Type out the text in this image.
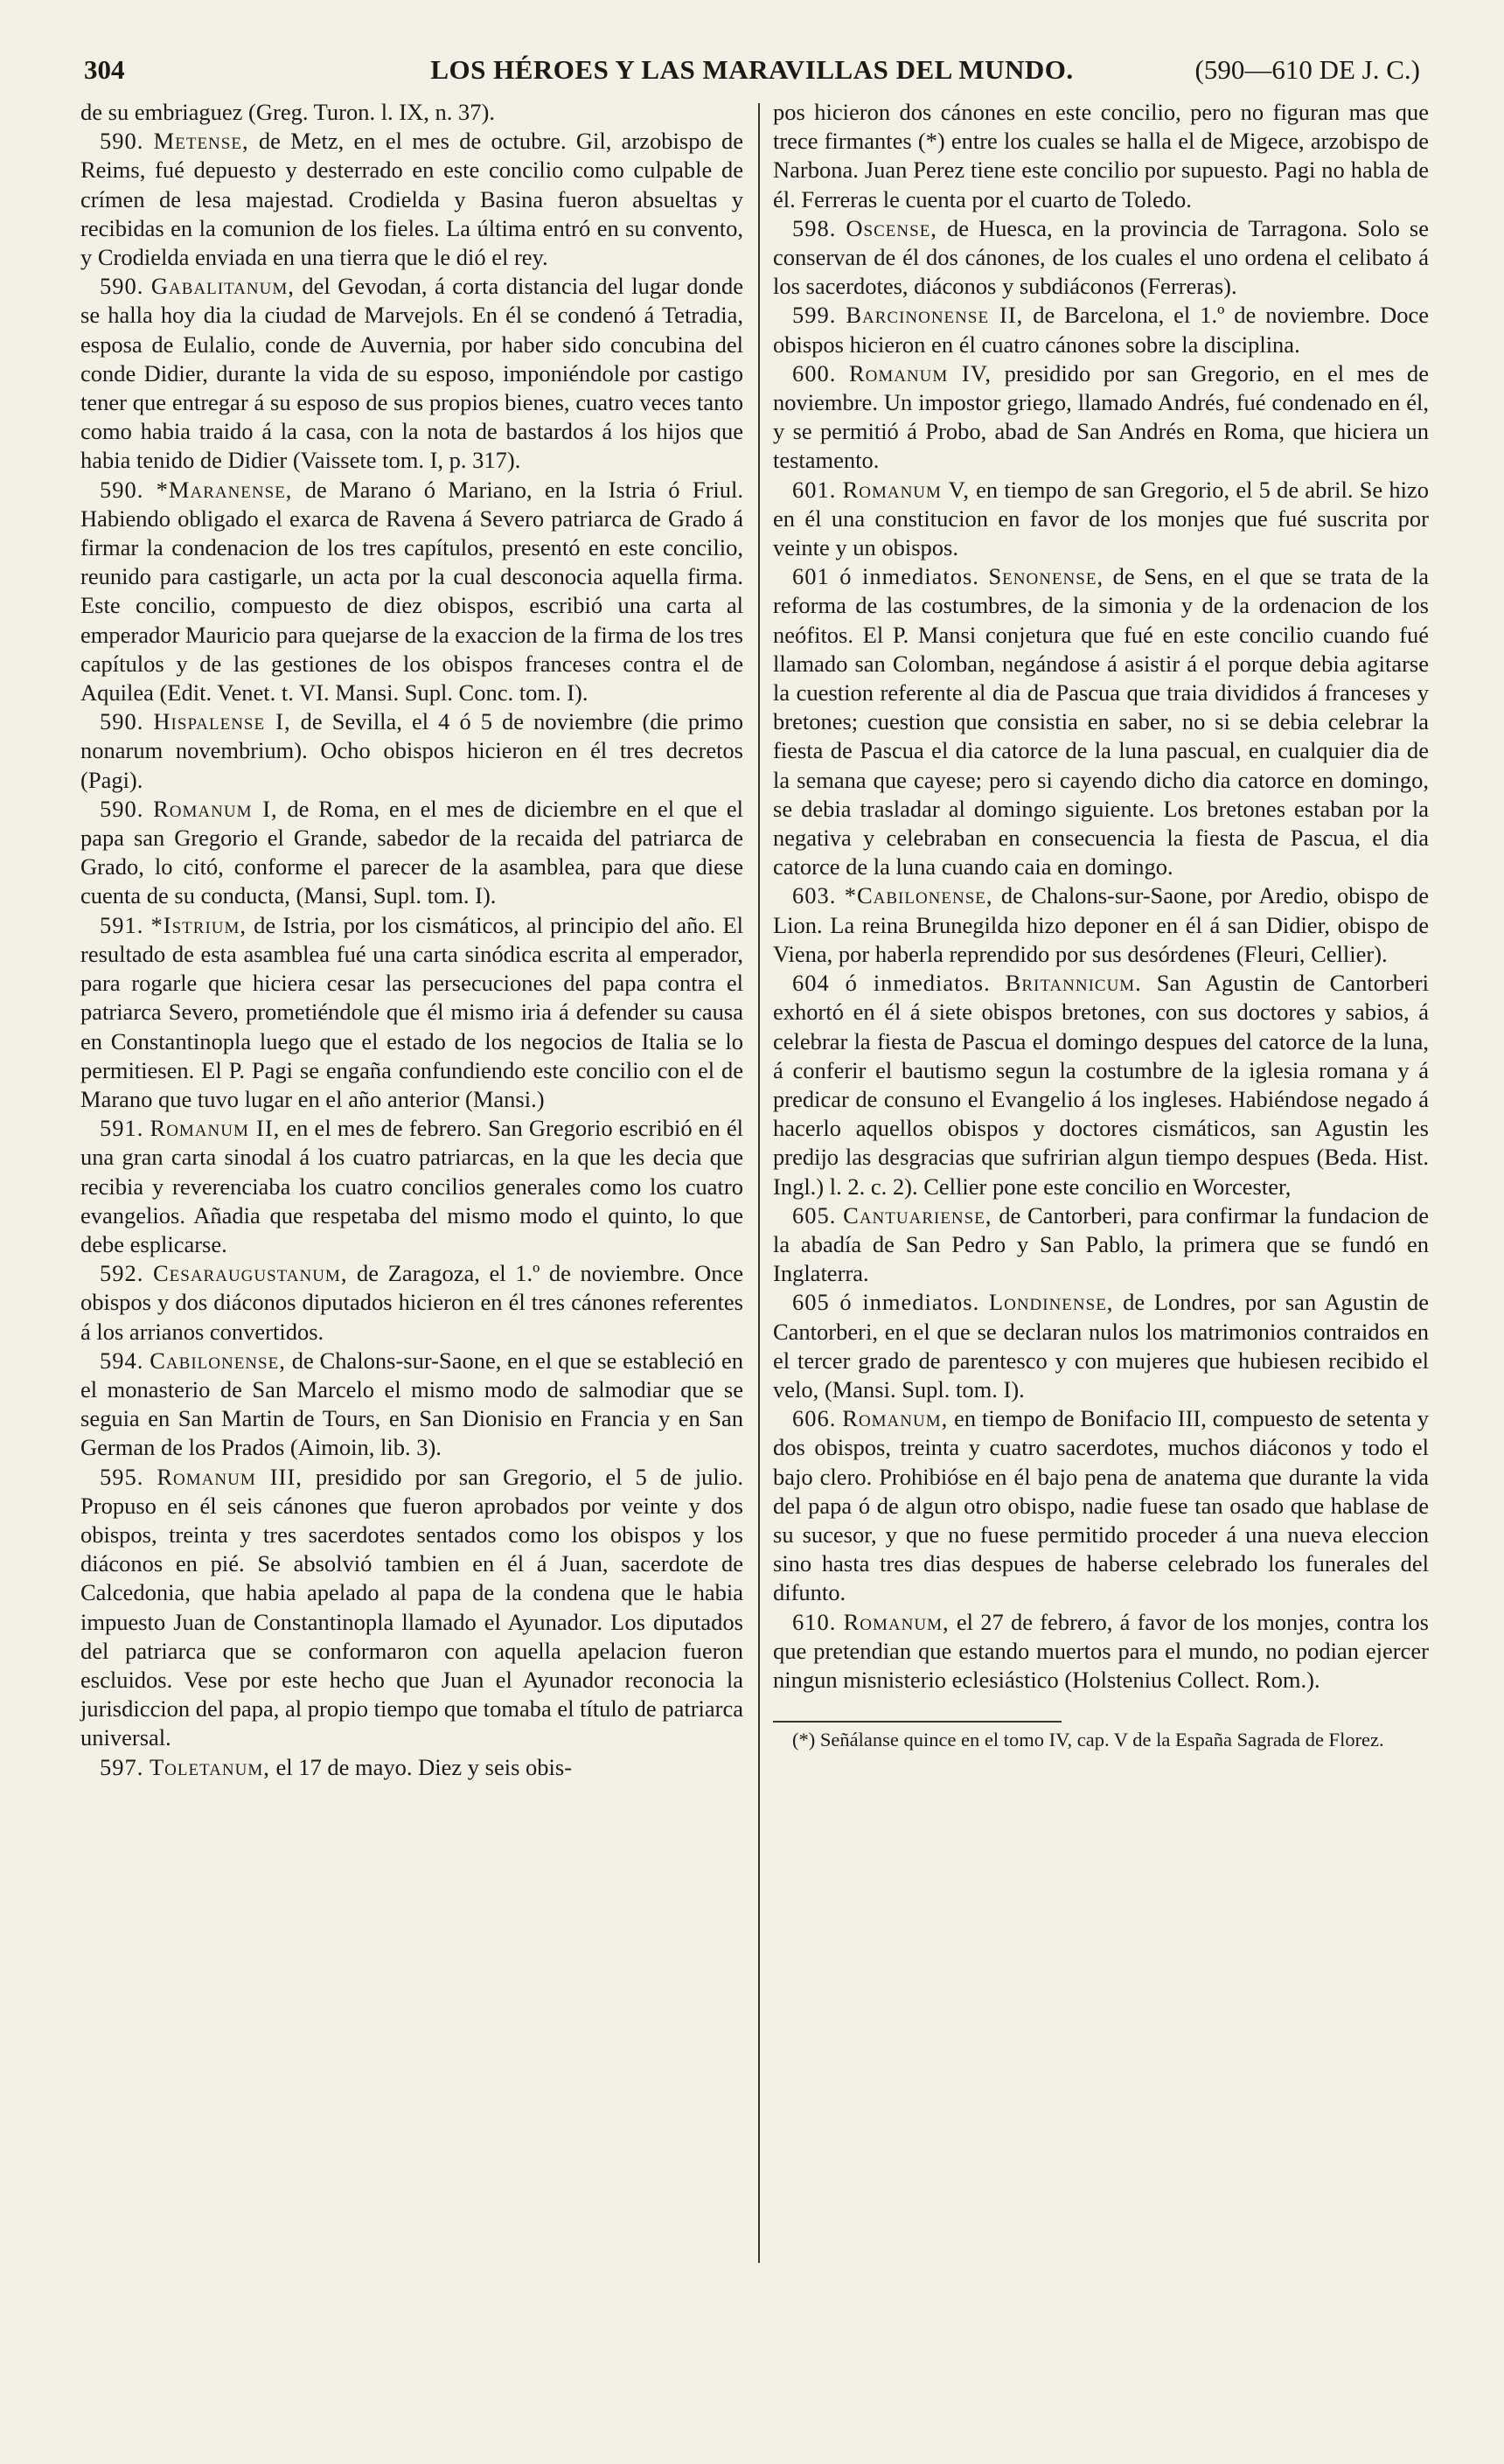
304	LOS HÉROES Y LAS MARAVILLAS DEL MUNDO.	(590—610 DE J. C.)

de su embriaguez (Greg. Turon. l. IX, n. 37).

590. Metense, de Metz, en el mes de octubre. Gil, arzobispo de Reims, fué depuesto y desterrado en este concilio como culpable de crímen de lesa majestad. Crodielda y Basina fueron absueltas y recibidas en la comunion de los fieles. La última entró en su convento, y Crodielda enviada en una tierra que le dió el rey.

590. Gabalitanum, del Gevodan, á corta distancia del lugar donde se halla hoy dia la ciudad de Marvejols. En él se condenó á Tetradia, esposa de Eulalio, conde de Auvernia, por haber sido concubina del conde Didier, durante la vida de su esposo, imponiéndole por castigo tener que entregar á su esposo de sus propios bienes, cuatro veces tanto como habia traido á la casa, con la nota de bastardos á los hijos que habia tenido de Didier (Vaissete tom. I, p. 317).

590. *Maranense, de Marano ó Mariano, en la Istria ó Friul. Habiendo obligado el exarca de Ravena á Severo patriarca de Grado á firmar la condenacion de los tres capítulos, presentó en este concilio, reunido para castigarle, un acta por la cual desconocia aquella firma. Este concilio, compuesto de diez obispos, escribió una carta al emperador Mauricio para quejarse de la exaccion de la firma de los tres capítulos y de las gestiones de los obispos franceses contra el de Aquilea (Edit. Venet. t. VI. Mansi. Supl. Conc. tom. I).

590. Hispalense I, de Sevilla, el 4 ó 5 de noviembre (die primo nonarum novembrium). Ocho obispos hicieron en él tres decretos (Pagi).

590. Romanum I, de Roma, en el mes de diciembre en el que el papa san Gregorio el Grande, sabedor de la recaida del patriarca de Grado, lo citó, conforme el parecer de la asamblea, para que diese cuenta de su conducta, (Mansi, Supl. tom. I).

591. *Istrium, de Istria, por los cismáticos, al principio del año. El resultado de esta asamblea fué una carta sinódica escrita al emperador, para rogarle que hiciera cesar las persecuciones del papa contra el patriarca Severo, prometiéndole que él mismo iria á defender su causa en Constantinopla luego que el estado de los negocios de Italia se lo permitiesen. El P. Pagi se engaña confundiendo este concilio con el de Marano que tuvo lugar en el año anterior (Mansi.)

591. Romanum II, en el mes de febrero. San Gregorio escribió en él una gran carta sinodal á los cuatro patriarcas, en la que les decia que recibia y reverenciaba los cuatro concilios generales como los cuatro evangelios. Añadia que respetaba del mismo modo el quinto, lo que debe esplicarse.

592. Cesaraugustanum, de Zaragoza, el 1.º de noviembre. Once obispos y dos diáconos diputados hicieron en él tres cánones referentes á los arrianos convertidos.

594. Cabilonense, de Chalons-sur-Saone, en el que se estableció en el monasterio de San Marcelo el mismo modo de salmodiar que se seguia en San Martin de Tours, en San Dionisio en Francia y en San German de los Prados (Aimoin, lib. 3).

595. Romanum III, presidido por san Gregorio, el 5 de julio. Propuso en él seis cánones que fueron aprobados por veinte y dos obispos, treinta y tres sacerdotes sentados como los obispos y los diáconos en pié. Se absolvió tambien en él á Juan, sacerdote de Calcedonia, que habia apelado al papa de la condena que le habia impuesto Juan de Constantinopla llamado el Ayunador. Los diputados del patriarca que se conformaron con aquella apelacion fueron escluidos. Vese por este hecho que Juan el Ayunador reconocia la jurisdiccion del papa, al propio tiempo que tomaba el título de patriarca universal.

597. Toletanum, el 17 de mayo. Diez y seis obis-

pos hicieron dos cánones en este concilio, pero no figuran mas que trece firmantes (*) entre los cuales se halla el de Migece, arzobispo de Narbona. Juan Perez tiene este concilio por supuesto. Pagi no habla de él. Ferreras le cuenta por el cuarto de Toledo.

598. Oscense, de Huesca, en la provincia de Tarragona. Solo se conservan de él dos cánones, de los cuales el uno ordena el celibato á los sacerdotes, diáconos y subdiáconos (Ferreras).

599. Barcinonense II, de Barcelona, el 1.º de noviembre. Doce obispos hicieron en él cuatro cánones sobre la disciplina.

600. Romanum IV, presidido por san Gregorio, en el mes de noviembre. Un impostor griego, llamado Andrés, fué condenado en él, y se permitió á Probo, abad de San Andrés en Roma, que hiciera un testamento.

601. Romanum V, en tiempo de san Gregorio, el 5 de abril. Se hizo en él una constitucion en favor de los monjes que fué suscrita por veinte y un obispos.

601 ó inmediatos. Senonense, de Sens, en el que se trata de la reforma de las costumbres, de la simonia y de la ordenacion de los neófitos. El P. Mansi conjetura que fué en este concilio cuando fué llamado san Colomban, negándose á asistir á el porque debia agitarse la cuestion referente al dia de Pascua que traia divididos á franceses y bretones; cuestion que consistia en saber, no si se debia celebrar la fiesta de Pascua el dia catorce de la luna pascual, en cualquier dia de la semana que cayese; pero si cayendo dicho dia catorce en domingo, se debia trasladar al domingo siguiente. Los bretones estaban por la negativa y celebraban en consecuencia la fiesta de Pascua, el dia catorce de la luna cuando caia en domingo.

603. *Cabilonense, de Chalons-sur-Saone, por Aredio, obispo de Lion. La reina Brunegilda hizo deponer en él á san Didier, obispo de Viena, por haberla reprendido por sus desórdenes (Fleuri, Cellier).

604 ó inmediatos. Britannicum. San Agustin de Cantorberi exhortó en él á siete obispos bretones, con sus doctores y sabios, á celebrar la fiesta de Pascua el domingo despues del catorce de la luna, á conferir el bautismo segun la costumbre de la iglesia romana y á predicar de consuno el Evangelio á los ingleses. Habiéndose negado á hacerlo aquellos obispos y doctores cismáticos, san Agustin les predijo las desgracias que sufririan algun tiempo despues (Beda. Hist. Ingl.) l. 2. c. 2). Cellier pone este concilio en Worcester,

605. Cantuariense, de Cantorberi, para confirmar la fundacion de la abadía de San Pedro y San Pablo, la primera que se fundó en Inglaterra.

605 ó inmediatos. Londinense, de Londres, por san Agustin de Cantorberi, en el que se declaran nulos los matrimonios contraidos en el tercer grado de parentesco y con mujeres que hubiesen recibido el velo, (Mansi. Supl. tom. I).

606. Romanum, en tiempo de Bonifacio III, compuesto de setenta y dos obispos, treinta y cuatro sacerdotes, muchos diáconos y todo el bajo clero. Prohibióse en él bajo pena de anatema que durante la vida del papa ó de algun otro obispo, nadie fuese tan osado que hablase de su sucesor, y que no fuese permitido proceder á una nueva eleccion sino hasta tres dias despues de haberse celebrado los funerales del difunto.

610. Romanum, el 27 de febrero, á favor de los monjes, contra los que pretendian que estando muertos para el mundo, no podian ejercer ningun misnisterio eclesiástico (Holstenius Collect. Rom.).

(*) Señálanse quince en el tomo IV, cap. V de la España Sagrada de Florez.
